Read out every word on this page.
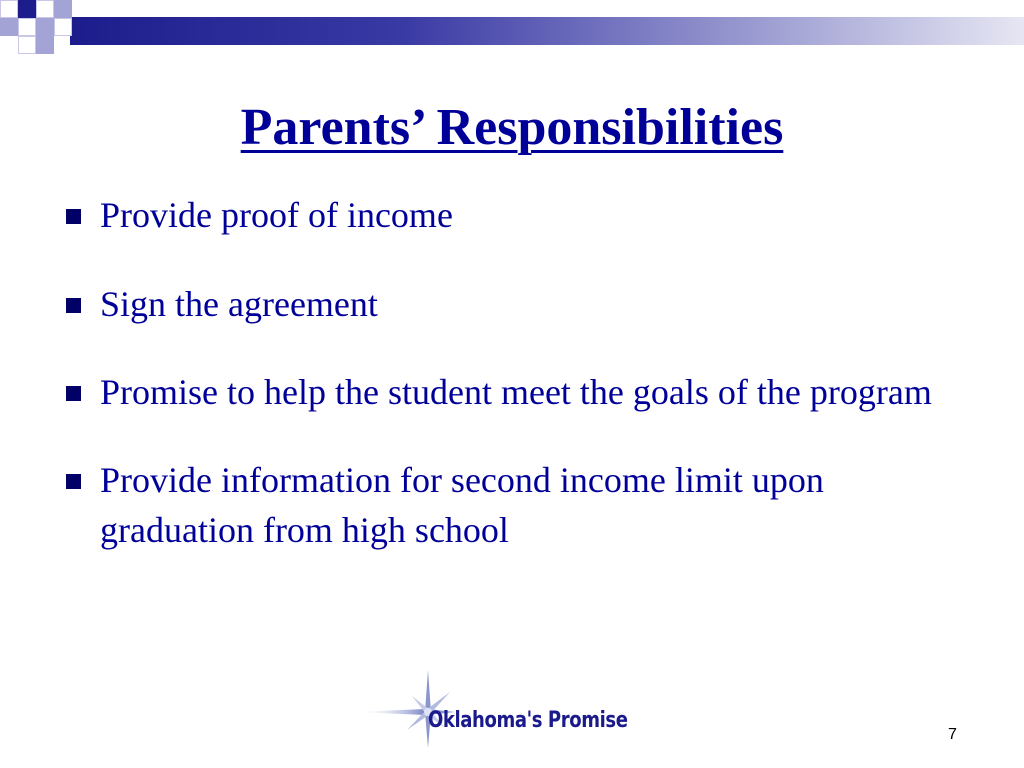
Parents’ Responsibilities
Provide proof of income
Sign the agreement
Promise to help the student meet the goals of the program
Provide information for second income limit upon graduation from high school
Oklahoma's Promise
7
